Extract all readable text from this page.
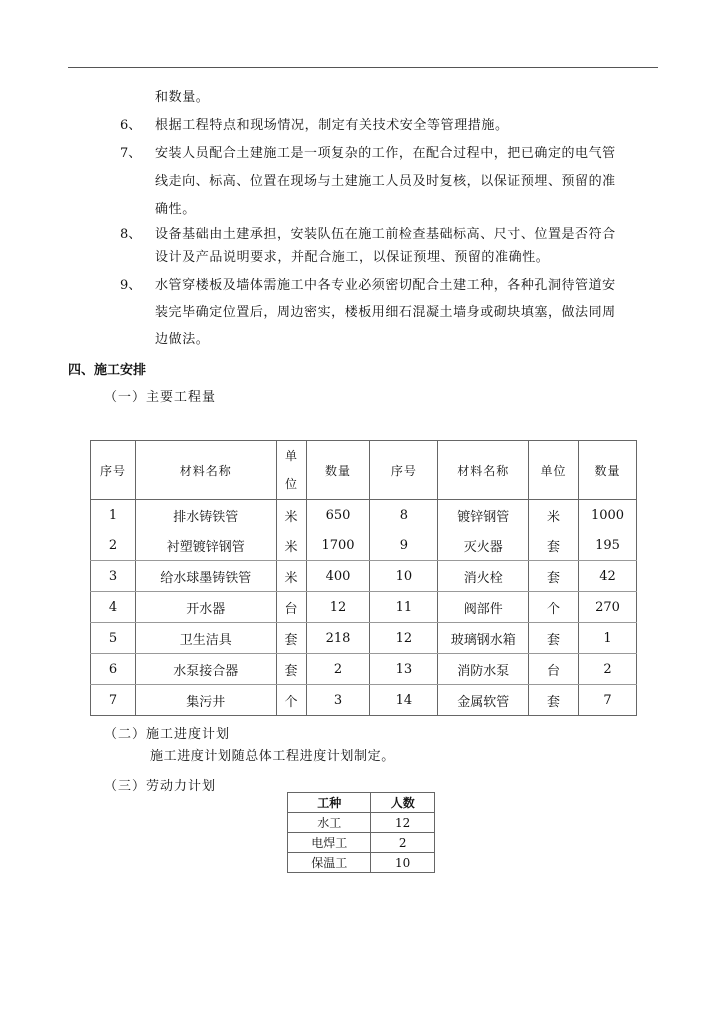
和数量。
6、 根据工程特点和现场情况，制定有关技术安全等管理措施。
7、 安装人员配合土建施工是一项复杂的工作，在配合过程中，把已确定的电气管
线走向、标高、位置在现场与土建施工人员及时复核，以保证预埋、预留的准
确性。
8、 设备基础由土建承担，安装队伍在施工前检查基础标高、尺寸、位置是否符合
设计及产品说明要求，并配合施工，以保证预埋、预留的准确性。
9、 水管穿楼板及墙体需施工中各专业必须密切配合土建工种，各种孔洞待管道安
装完毕确定位置后，周边密实，楼板用细石混凝土墙身或砌块填塞，做法同周
边做法。
四、施工安排
（一）主要工程量
序号	材料名称	单位	数量	序号	材料名称	单位	数量
1	排水铸铁管	米	650	8	镀锌钢管	米	1000
2	衬塑镀锌钢管	米	1700	9	灭火器	套	195
3	给水球墨铸铁管	米	400	10	消火栓	套	42
4	开水器	台	12	11	阀部件	个	270
5	卫生洁具	套	218	12	玻璃钢水箱	套	1
6	水泵接合器	套	2	13	消防水泵	台	2
7	集污井	个	3	14	金属软管	套	7
（二）施工进度计划
施工进度计划随总体工程进度计划制定。
（三）劳动力计划
工种	人数
水工	12
电焊工	2
保温工	10
